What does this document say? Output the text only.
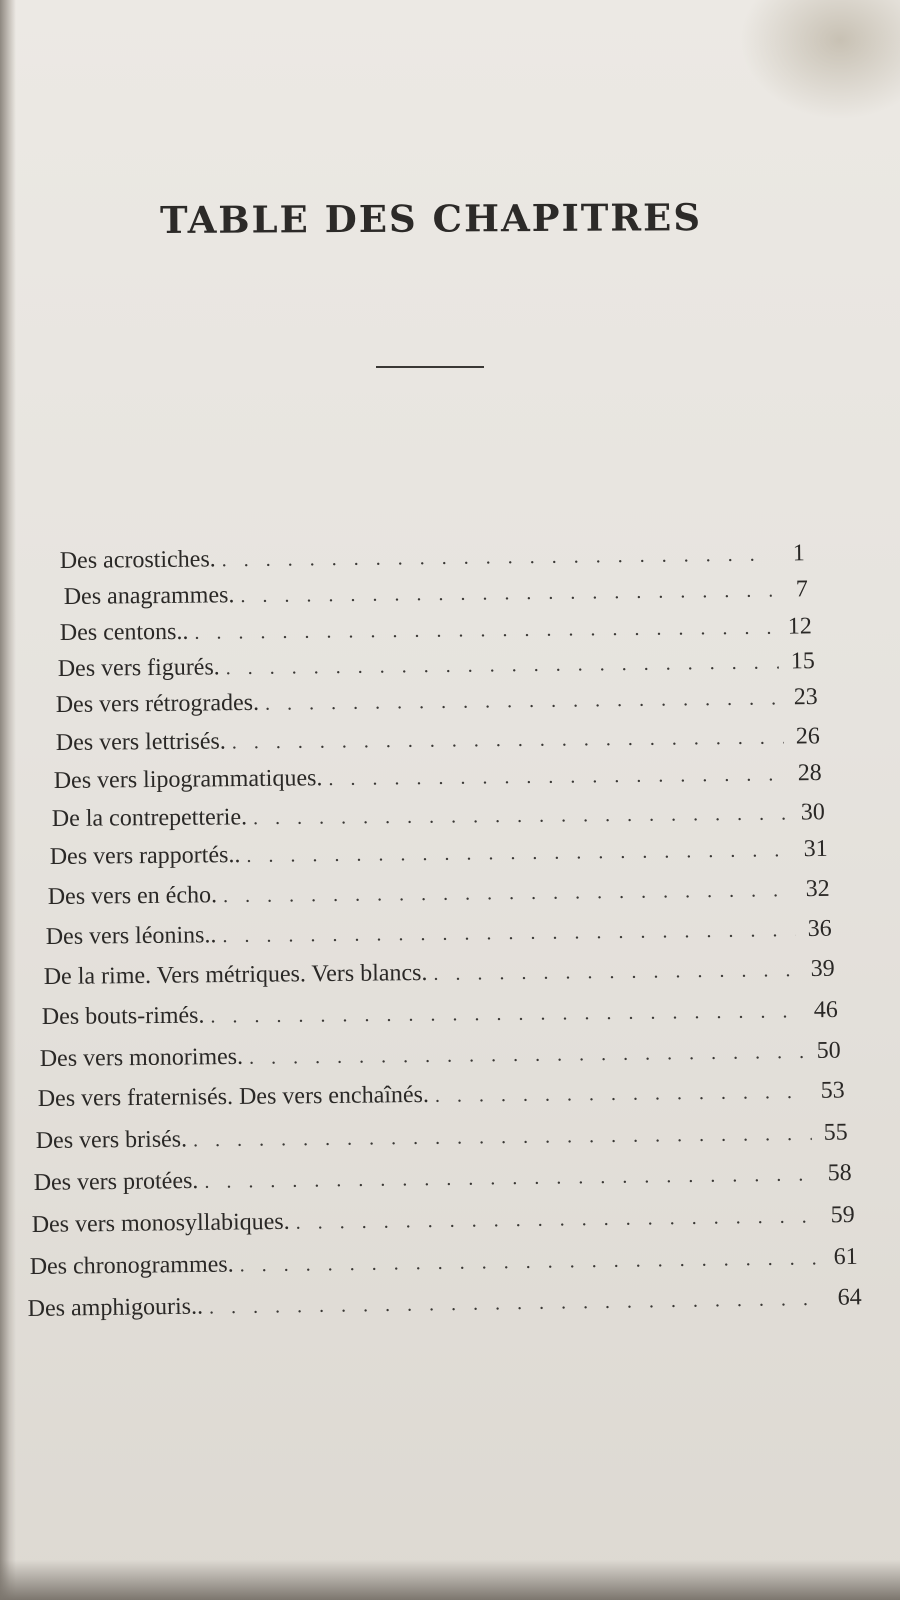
TABLE DES CHAPITRES
Des acrostiches. . . .	1
Des anagrammes. . . .	7
Des centons.. . . .	12
Des vers figurés. . . .	15
Des vers rétrogrades. . . .	23
Des vers lettrisés. . . .	26
Des vers lipogrammatiques. . . .	28
De la contrepetterie. . . .	30
Des vers rapportés.. . . .	31
Des vers en écho. . . .	32
Des vers léonins.. . . .	36
De la rime. Vers métriques. Vers blancs. . . .	39
Des bouts-rimés. . . .	46
Des vers monorimes. . . .	50
Des vers fraternisés. Des vers enchaînés. . . .	53
Des vers brisés. . . .	55
Des vers protées. . . .	58
Des vers monosyllabiques. . . .	59
Des chronogrammes. . . .	61
Des amphigouris.. . . .	64
